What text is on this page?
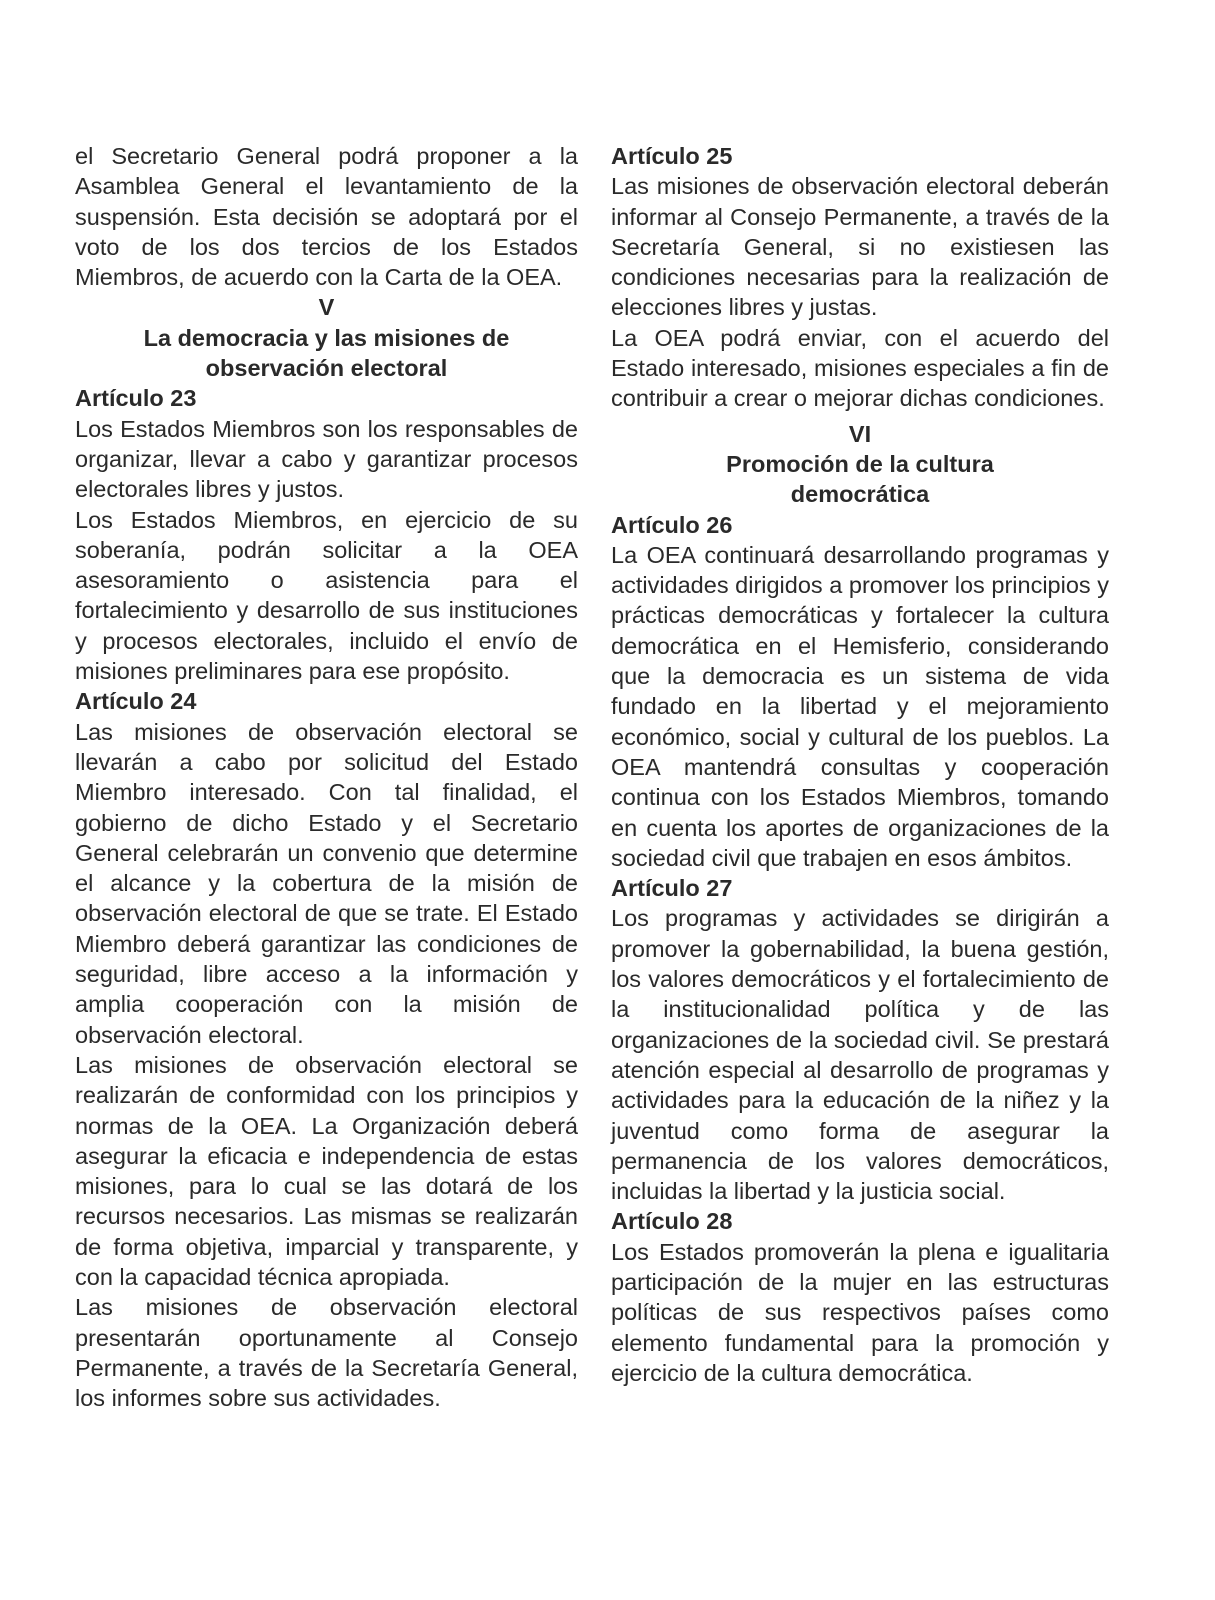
el Secretario General podrá proponer a la Asamblea General el levantamiento de la suspensión. Esta decisión se adoptará por el voto de los dos tercios de los Estados Miembros, de acuerdo con la Carta de la OEA.

V
La democracia y las misiones de
observación electoral
Artículo 23

Los Estados Miembros son los responsables de organizar, llevar a cabo y garantizar procesos electorales libres y justos.

Los Estados Miembros, en ejercicio de su soberanía, podrán solicitar a la OEA asesoramiento o asistencia para el fortalecimiento y desarrollo de sus instituciones y procesos electorales, incluido el envío de misiones preliminares para ese propósito.

Artículo 24

Las misiones de observación electoral se llevarán a cabo por solicitud del Estado Miembro interesado. Con tal finalidad, el gobierno de dicho Estado y el Secretario General celebrarán un convenio que determine el alcance y la cobertura de la misión de observación electoral de que se trate. El Estado Miembro deberá garantizar las condiciones de seguridad, libre acceso a la información y amplia cooperación con la misión de observación electoral.

Las misiones de observación electoral se realizarán de conformidad con los principios y normas de la OEA. La Organización deberá asegurar la eficacia e independencia de estas misiones, para lo cual se las dotará de los recursos necesarios. Las mismas se realizarán de forma objetiva, imparcial y transparente, y con la capacidad técnica apropiada.

Las misiones de observación electoral presentarán oportunamente al Consejo Permanente, a través de la Secretaría General, los informes sobre sus actividades.

Artículo 25

Las misiones de observación electoral deberán informar al Consejo Permanente, a través de la Secretaría General, si no existiesen las condiciones necesarias para la realización de elecciones libres y justas.

La OEA podrá enviar, con el acuerdo del Estado interesado, misiones especiales a fin de contribuir a crear o mejorar dichas condiciones.

VI
Promoción de la cultura
democrática
Artículo 26

La OEA continuará desarrollando programas y actividades dirigidos a promover los principios y prácticas democráticas y fortalecer la cultura democrática en el Hemisferio, considerando que la democracia es un sistema de vida fundado en la libertad y el mejoramiento económico, social y cultural de los pueblos. La OEA mantendrá consultas y cooperación continua con los Estados Miembros, tomando en cuenta los aportes de organizaciones de la sociedad civil que trabajen en esos ámbitos.

Artículo 27

Los programas y actividades se dirigirán a promover la gobernabilidad, la buena gestión, los valores democráticos y el fortalecimiento de la institucionalidad política y de las organizaciones de la sociedad civil. Se prestará atención especial al desarrollo de programas y actividades para la educación de la niñez y la juventud como forma de asegurar la permanencia de los valores democráticos, incluidas la libertad y la justicia social.

Artículo 28

Los Estados promoverán la plena e igualitaria participación de la mujer en las estructuras políticas de sus respectivos países como elemento fundamental para la promoción y ejercicio de la cultura democrática.
